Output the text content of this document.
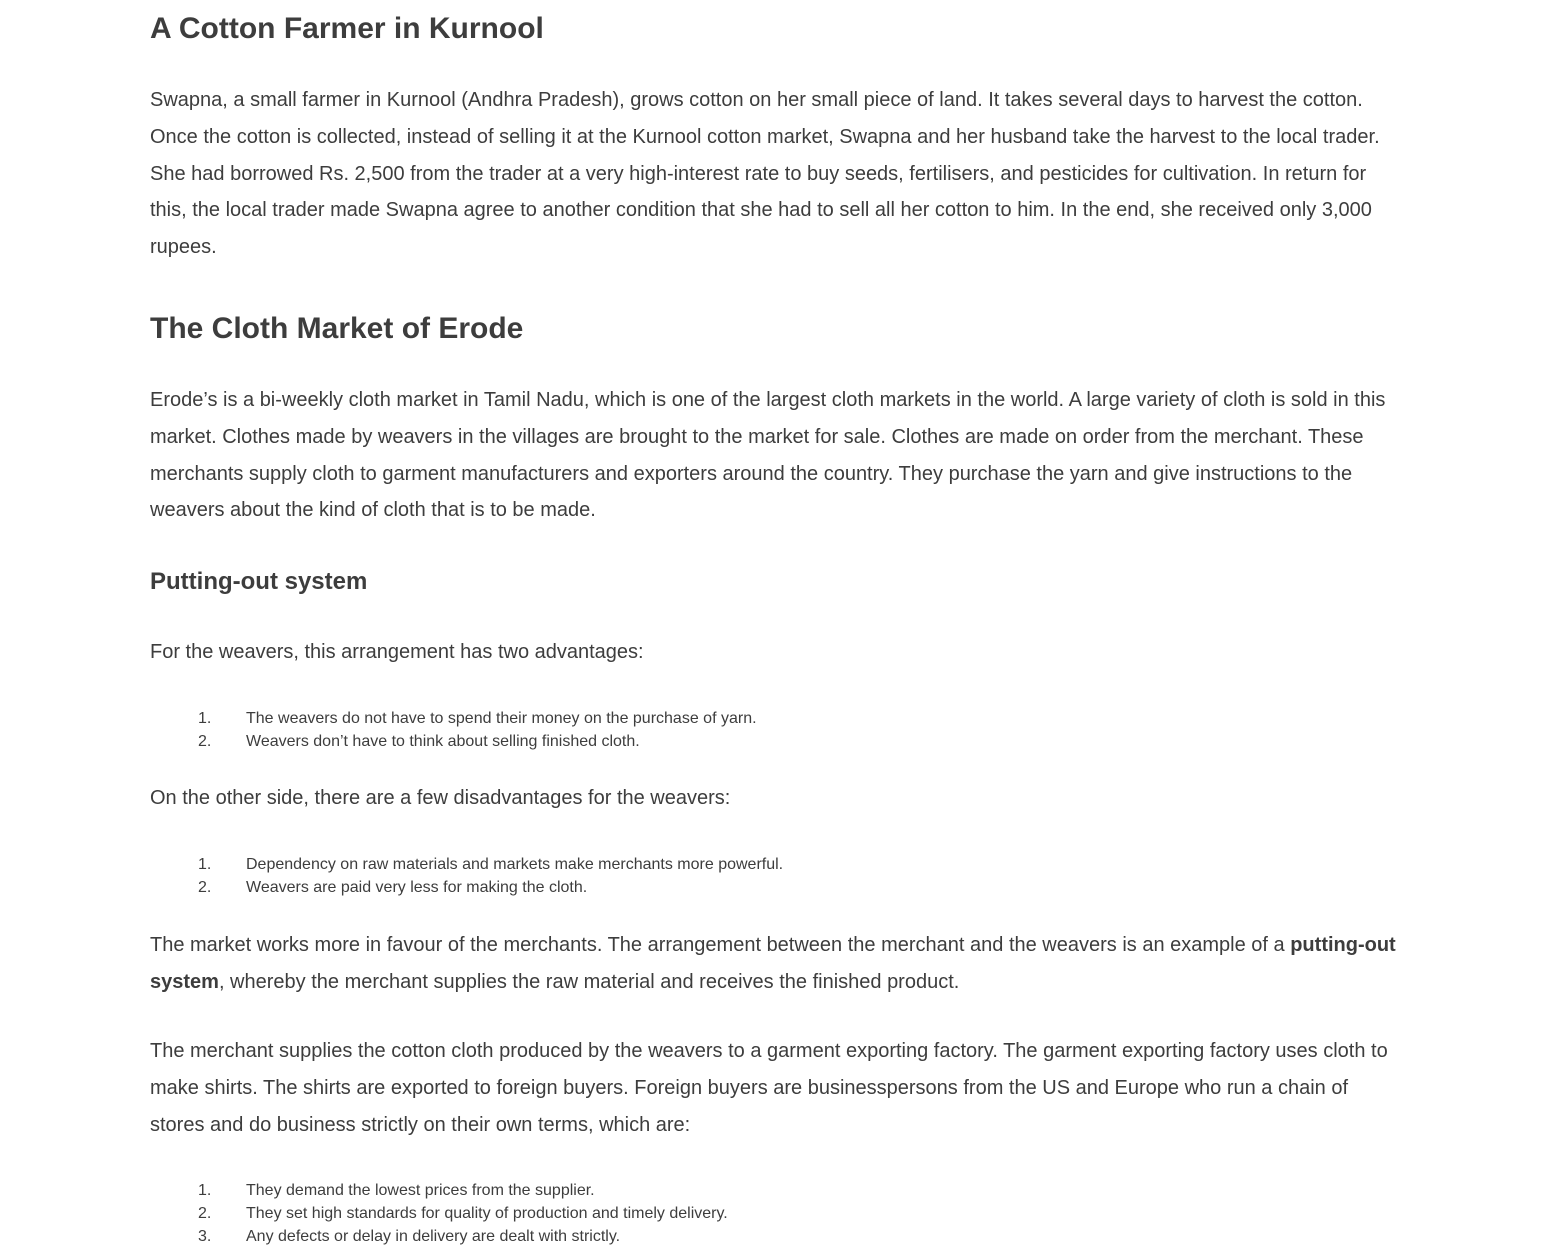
A Cotton Farmer in Kurnool

Swapna, a small farmer in Kurnool (Andhra Pradesh), grows cotton on her small piece of land. It takes several days to harvest the cotton. Once the cotton is collected, instead of selling it at the Kurnool cotton market, Swapna and her husband take the harvest to the local trader. She had borrowed Rs. 2,500 from the trader at a very high-interest rate to buy seeds, fertilisers, and pesticides for cultivation. In return for this, the local trader made Swapna agree to another condition that she had to sell all her cotton to him. In the end, she received only 3,000 rupees.

The Cloth Market of Erode

Erode’s is a bi-weekly cloth market in Tamil Nadu, which is one of the largest cloth markets in the world. A large variety of cloth is sold in this market. Clothes made by weavers in the villages are brought to the market for sale. Clothes are made on order from the merchant. These merchants supply cloth to garment manufacturers and exporters around the country. They purchase the yarn and give instructions to the weavers about the kind of cloth that is to be made.

Putting-out system

For the weavers, this arrangement has two advantages:

1. The weavers do not have to spend their money on the purchase of yarn.
2. Weavers don’t have to think about selling finished cloth.

On the other side, there are a few disadvantages for the weavers:

1. Dependency on raw materials and markets make merchants more powerful.
2. Weavers are paid very less for making the cloth.

The market works more in favour of the merchants. The arrangement between the merchant and the weavers is an example of a putting-out system, whereby the merchant supplies the raw material and receives the finished product.

The merchant supplies the cotton cloth produced by the weavers to a garment exporting factory. The garment exporting factory uses cloth to make shirts. The shirts are exported to foreign buyers. Foreign buyers are businesspersons from the US and Europe who run a chain of stores and do business strictly on their own terms, which are:

1. They demand the lowest prices from the supplier.
2. They set high standards for quality of production and timely delivery.
3. Any defects or delay in delivery are dealt with strictly.
